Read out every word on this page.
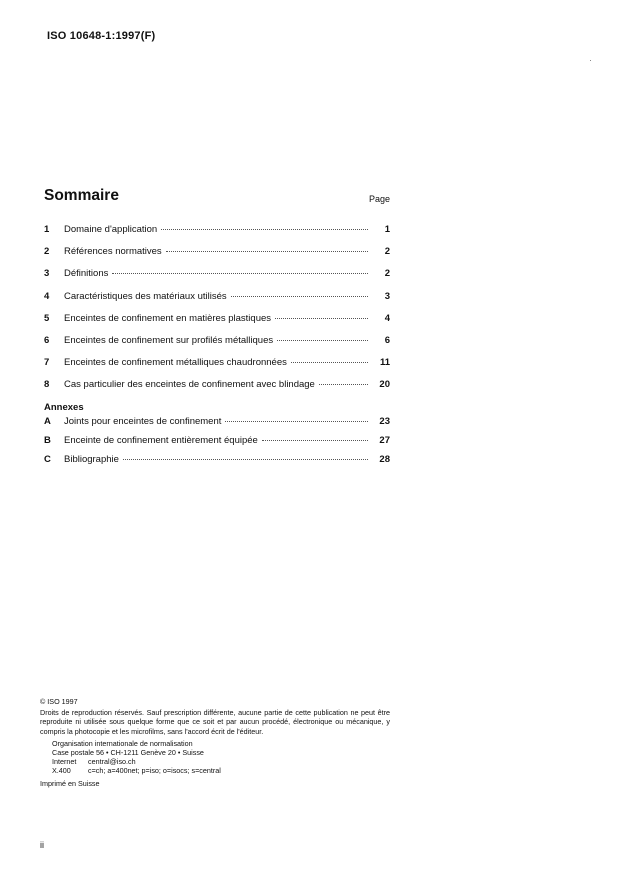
ISO 10648-1:1997(F)
Sommaire	Page
1	Domaine d'application	1
2	Références normatives	2
3	Définitions	2
4	Caractéristiques des matériaux utilisés	3
5	Enceintes de confinement en matières plastiques	4
6	Enceintes de confinement sur profilés métalliques	6
7	Enceintes de confinement métalliques chaudronnées	11
8	Cas particulier des enceintes de confinement avec blindage	20
Annexes
A	Joints pour enceintes de confinement	23
B	Enceinte de confinement entièrement équipée	27
C	Bibliographie	28
© ISO 1997
Droits de reproduction réservés. Sauf prescription différente, aucune partie de cette publication ne peut être reproduite ni utilisée sous quelque forme que ce soit et par aucun procédé, électronique ou mécanique, y compris la photocopie et les microfilms, sans l'accord écrit de l'éditeur.
Organisation internationale de normalisation
Case postale 56 • CH-1211 Genève 20 • Suisse
Internet central@iso.ch
X.400 c=ch; a=400net; p=iso; o=isocs; s=central
Imprimé en Suisse
ii
